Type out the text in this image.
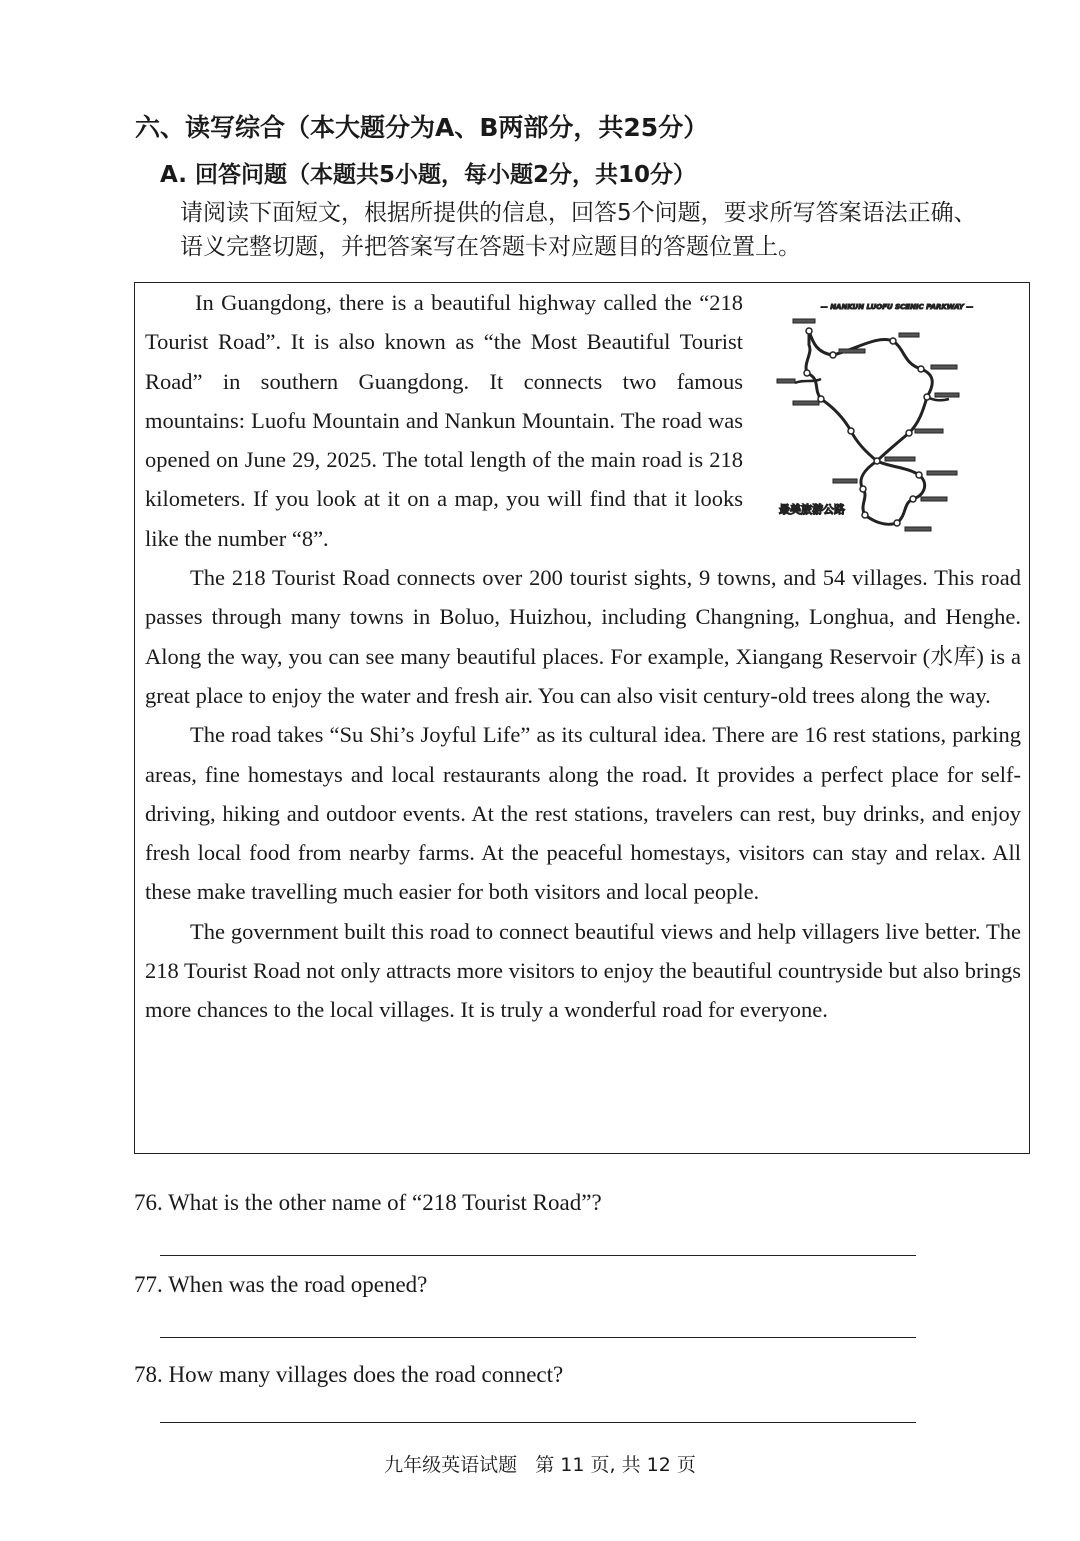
六、读写综合（本大题分为A、B两部分，共25分）
A. 回答问题（本题共5小题，每小题2分，共10分）
请阅读下面短文，根据所提供的信息，回答5个问题，要求所写答案语法正确、语义完整切题，并把答案写在答题卡对应题目的答题位置上。
— NANKUN LUOFU SCENIC PARKWAY —
最美旅游公路

In Guangdong, there is a beautiful highway called the “218 Tourist Road”. It is also known as “the Most Beautiful Tourist Road” in southern Guangdong. It connects two famous mountains: Luofu Mountain and Nankun Mountain. The road was opened on June 29, 2025. The total length of the main road is 218 kilometers. If you look at it on a map, you will find that it looks like the number “8”.

The 218 Tourist Road connects over 200 tourist sights, 9 towns, and 54 villages. This road passes through many towns in Boluo, Huizhou, including Changning, Longhua, and Henghe. Along the way, you can see many beautiful places. For example, Xiangang Reservoir (水库) is a great place to enjoy the water and fresh air. You can also visit century-old trees along the way.

The road takes “Su Shi’s Joyful Life” as its cultural idea. There are 16 rest stations, parking areas, fine homestays and local restaurants along the road. It provides a perfect place for self-driving, hiking and outdoor events. At the rest stations, travelers can rest, buy drinks, and enjoy fresh local food from nearby farms. At the peaceful homestays, visitors can stay and relax. All these make travelling much easier for both visitors and local people.

The government built this road to connect beautiful views and help villagers live better. The 218 Tourist Road not only attracts more visitors to enjoy the beautiful countryside but also brings more chances to the local villages. It is truly a wonderful road for everyone.

76. What is the other name of “218 Tourist Road”?
77. When was the road opened?
78. How many villages does the road connect?
九年级英语试题 第 11 页, 共 12 页
